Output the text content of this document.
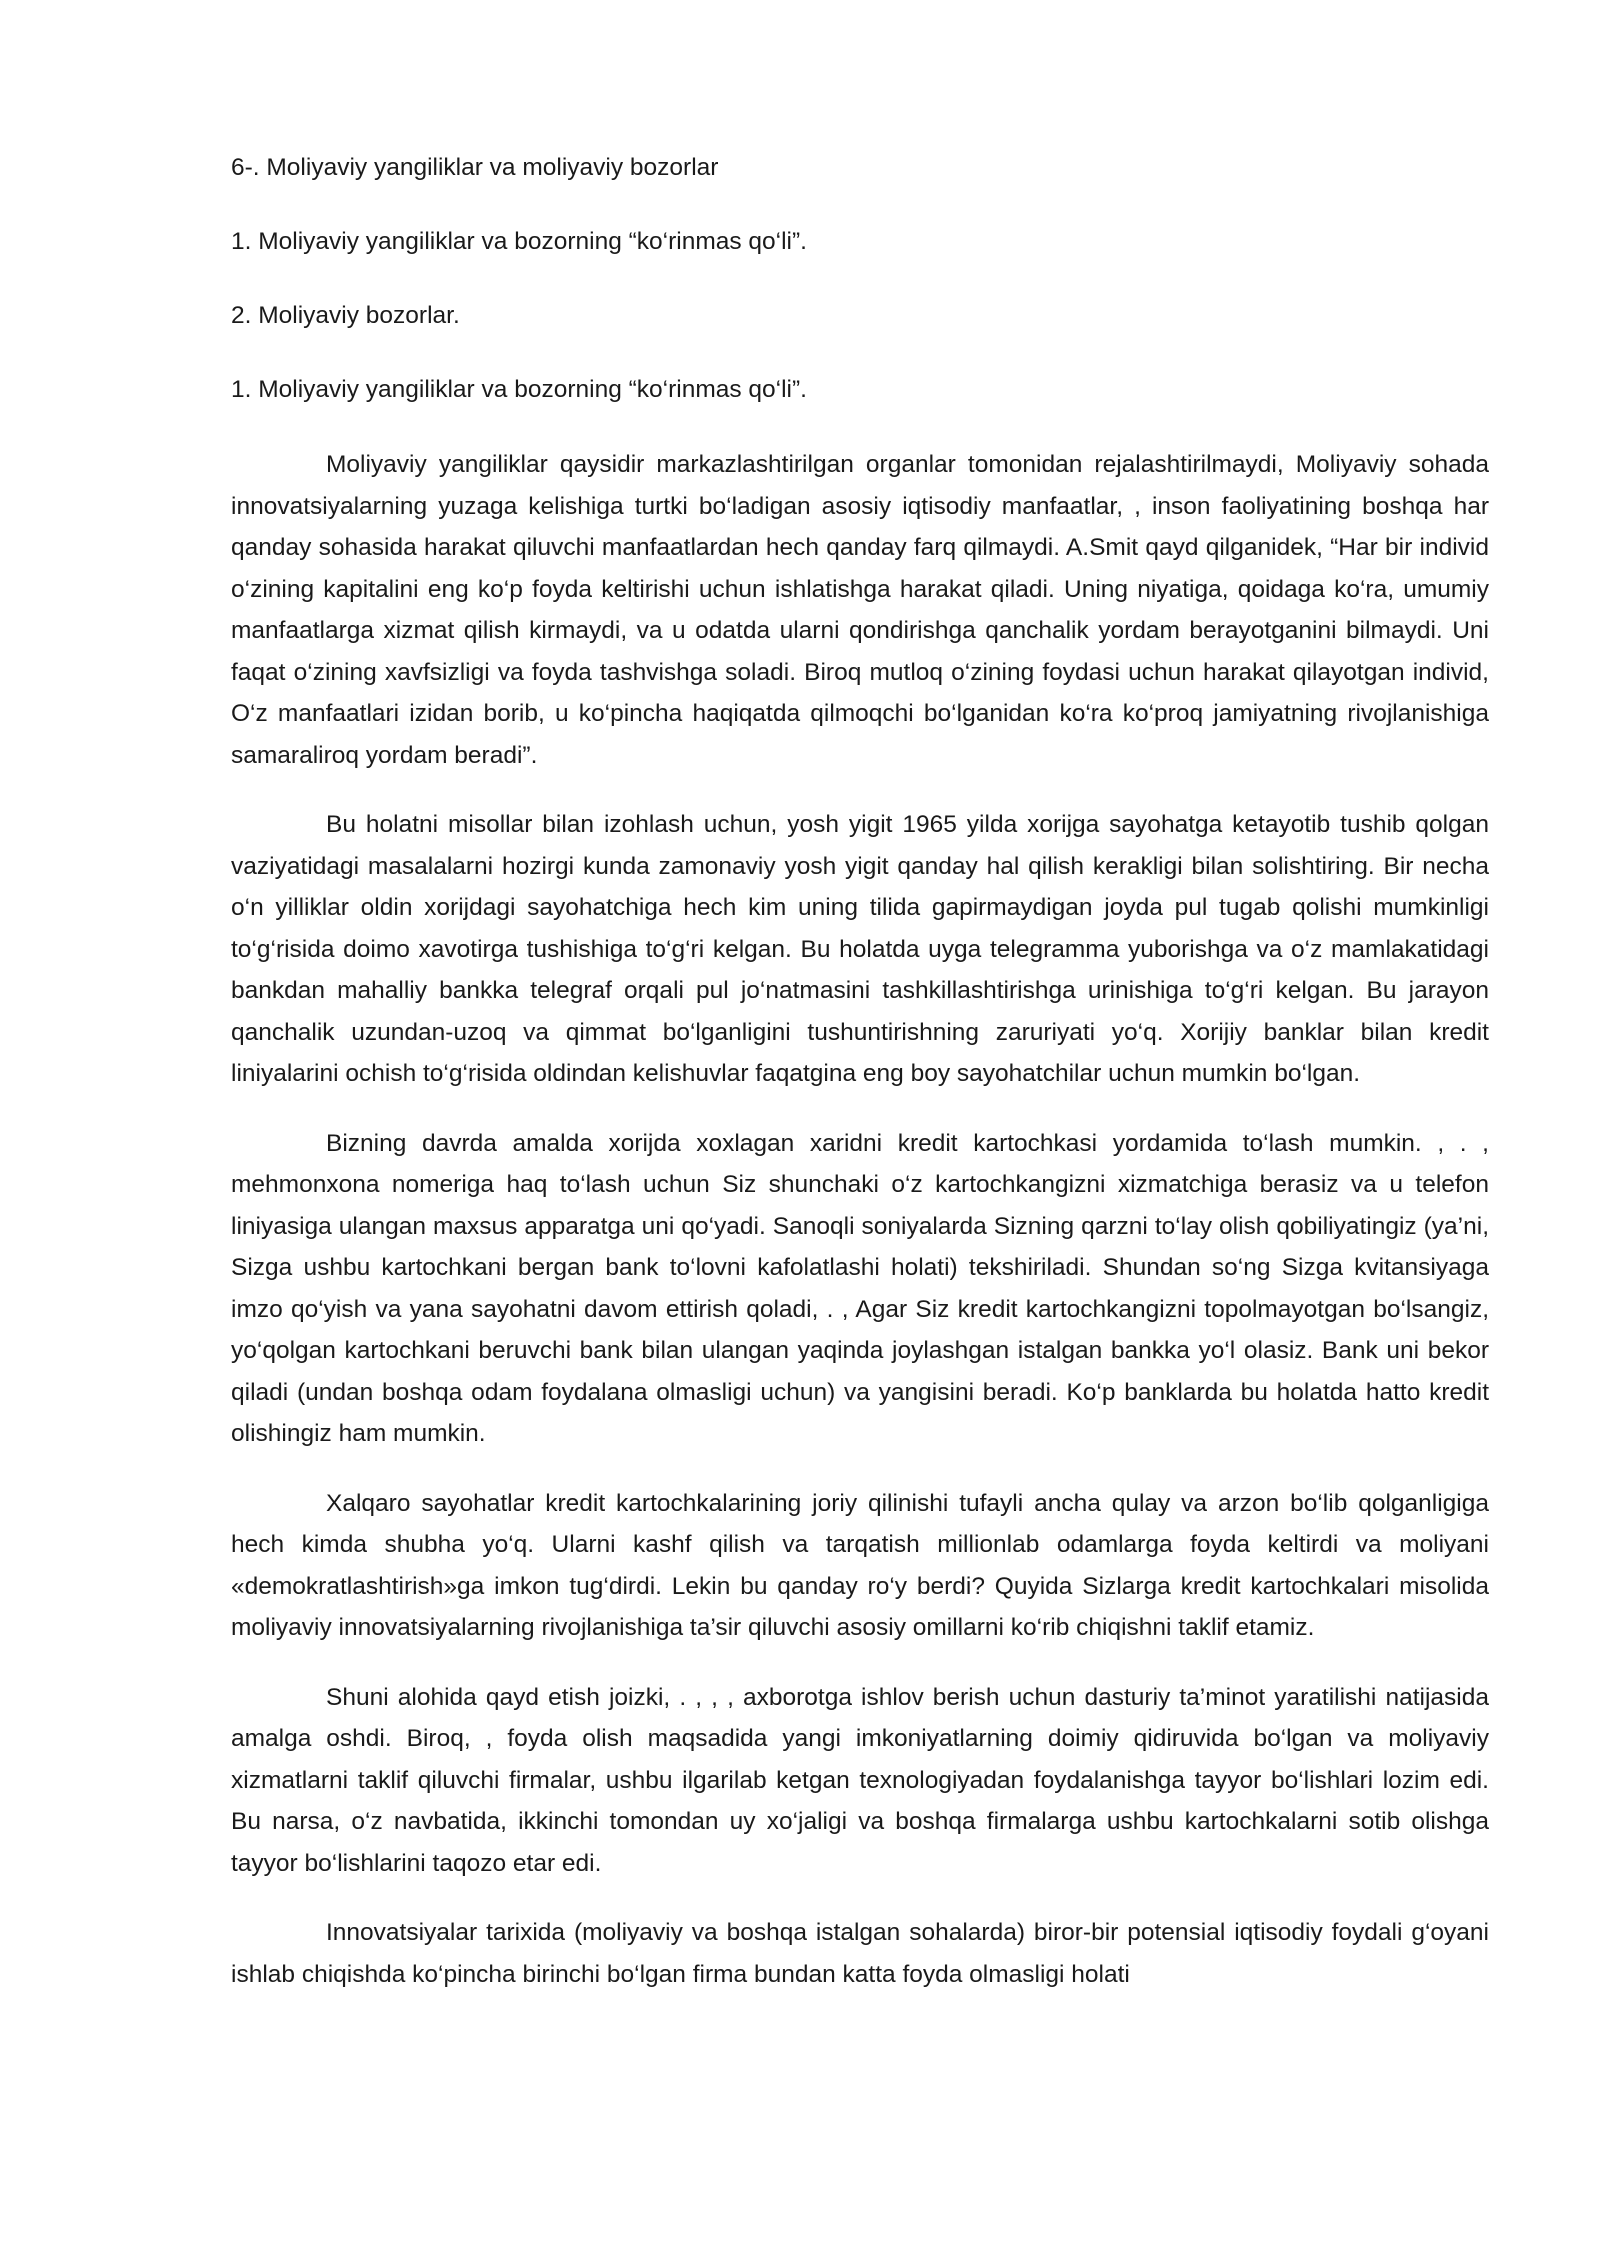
6-. Moliyaviy yangiliklar va moliyaviy bozorlar

1. Moliyaviy yangiliklar va bozorning “ko‘rinmas qo‘li”.

2. Moliyaviy bozorlar.

1. Moliyaviy yangiliklar va bozorning “ko‘rinmas qo‘li”.

Moliyaviy yangiliklar qaysidir markazlashtirilgan organlar tomonidan rejalashtirilmaydi, Moliyaviy sohada innovatsiyalarning yuzaga kelishiga turtki bo‘ladigan asosiy iqtisodiy manfaatlar, , inson faoliyatining boshqa har qanday sohasida harakat qiluvchi manfaatlardan hech qanday farq qilmaydi. A.Smit qayd qilganidek, “Har bir individ o‘zining kapitalini eng ko‘p foyda keltirishi uchun ishlatishga harakat qiladi. Uning niyatiga, qoidaga ko‘ra, umumiy manfaatlarga xizmat qilish kirmaydi, va u odatda ularni qondirishga qanchalik yordam berayotganini bilmaydi. Uni faqat o‘zining xavfsizligi va foyda tashvishga soladi. Biroq mutloq o‘zining foydasi uchun harakat qilayotgan individ, O‘z manfaatlari izidan borib, u ko‘pincha haqiqatda qilmoqchi bo‘lganidan ko‘ra ko‘proq jamiyatning rivojlanishiga samaraliroq yordam beradi”.

Bu holatni misollar bilan izohlash uchun, yosh yigit 1965 yilda xorijga sayohatga ketayotib tushib qolgan vaziyatidagi masalalarni hozirgi kunda zamonaviy yosh yigit qanday hal qilish kerakligi bilan solishtiring. Bir necha o‘n yilliklar oldin xorijdagi sayohatchiga hech kim uning tilida gapirmaydigan joyda pul tugab qolishi mumkinligi to‘g‘risida doimo xavotirga tushishiga to‘g‘ri kelgan. Bu holatda uyga telegramma yuborishga va o‘z mamlakatidagi bankdan mahalliy bankka telegraf orqali pul jo‘natmasini tashkillashtirishga urinishiga to‘g‘ri kelgan. Bu jarayon qanchalik uzundan-uzoq va qimmat bo‘lganligini tushuntirishning zaruriyati yo‘q. Xorijiy banklar bilan kredit liniyalarini ochish to‘g‘risida oldindan kelishuvlar faqatgina eng boy sayohatchilar uchun mumkin bo‘lgan.

Bizning davrda amalda xorijda xoxlagan xaridni kredit kartochkasi yordamida to‘lash mumkin. , . , mehmonxona nomeriga haq to‘lash uchun Siz shunchaki o‘z kartochkangizni xizmatchiga berasiz va u telefon liniyasiga ulangan maxsus apparatga uni qo‘yadi. Sanoqli soniyalarda Sizning qarzni to‘lay olish qobiliyatingiz (ya’ni, Sizga ushbu kartochkani bergan bank to‘lovni kafolatlashi holati) tekshiriladi. Shundan so‘ng Sizga kvitansiyaga imzo qo‘yish va yana sayohatni davom ettirish qoladi, . , Agar Siz kredit kartochkangizni topolmayotgan bo‘lsangiz, yo‘qolgan kartochkani beruvchi bank bilan ulangan yaqinda joylashgan istalgan bankka yo‘l olasiz. Bank uni bekor qiladi (undan boshqa odam foydalana olmasligi uchun) va yangisini beradi. Ko‘p banklarda bu holatda hatto kredit olishingiz ham mumkin.

Xalqaro sayohatlar kredit kartochkalarining joriy qilinishi tufayli ancha qulay va arzon bo‘lib qolganligiga hech kimda shubha yo‘q. Ularni kashf qilish va tarqatish millionlab odamlarga foyda keltirdi va moliyani «demokratlashtirish»ga imkon tug‘dirdi. Lekin bu qanday ro‘y berdi? Quyida Sizlarga kredit kartochkalari misolida moliyaviy innovatsiyalarning rivojlanishiga ta’sir qiluvchi asosiy omillarni ko‘rib chiqishni taklif etamiz.

Shuni alohida qayd etish joizki, . , , , axborotga ishlov berish uchun dasturiy ta’minot yaratilishi natijasida amalga oshdi. Biroq, , foyda olish maqsadida yangi imkoniyatlarning doimiy qidiruvida bo‘lgan va moliyaviy xizmatlarni taklif qiluvchi firmalar, ushbu ilgarilab ketgan texnologiyadan foydalanishga tayyor bo‘lishlari lozim edi. Bu narsa, o‘z navbatida, ikkinchi tomondan uy xo‘jaligi va boshqa firmalarga ushbu kartochkalarni sotib olishga tayyor bo‘lishlarini taqozo etar edi.

Innovatsiyalar tarixida (moliyaviy va boshqa istalgan sohalarda) biror-bir potensial iqtisodiy foydali g‘oyani ishlab chiqishda ko‘pincha birinchi bo‘lgan firma bundan katta foyda olmasligi holati
